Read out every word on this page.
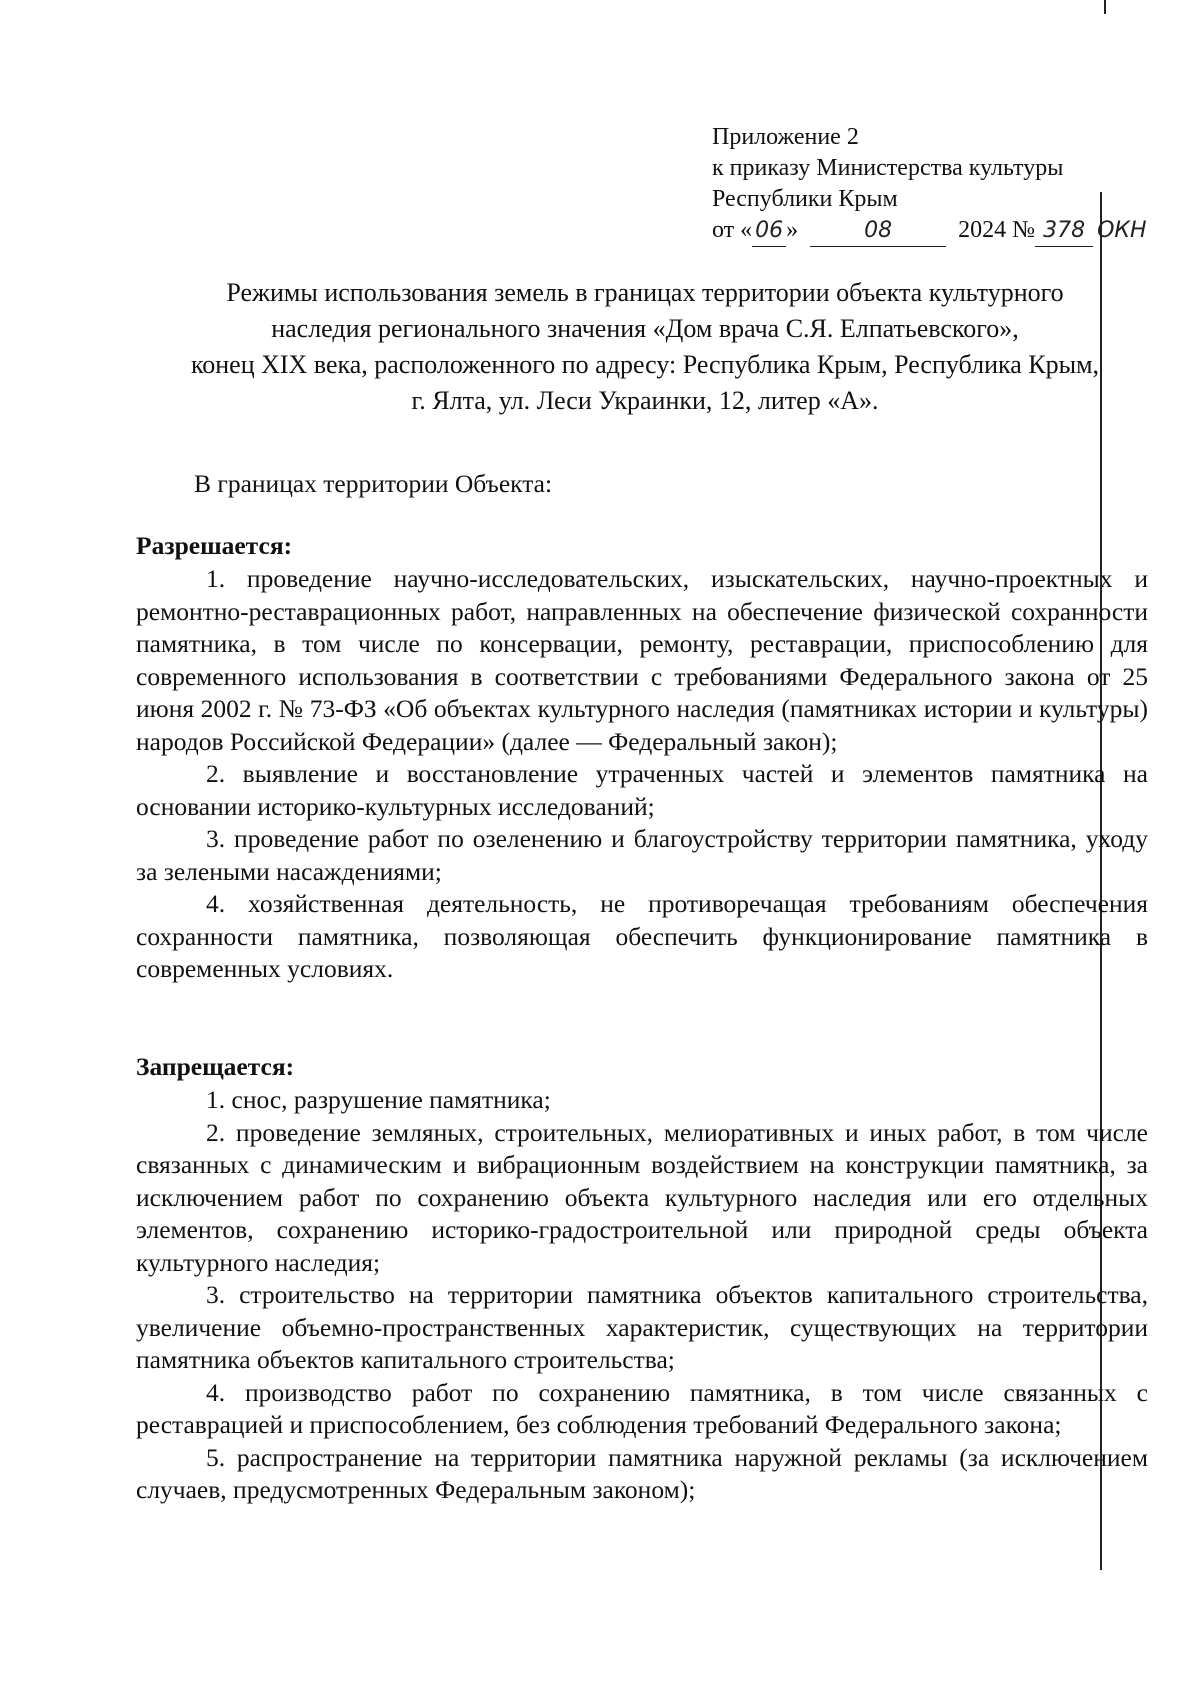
Приложение 2
к приказу Министерства культуры
Республики Крым
от « 06 »	08	2024 № 378 ОКН
Режимы использования земель в границах территории объекта культурного
наследия регионального значения «Дом врача С.Я. Елпатьевского»,
конец XIX века, расположенного по адресу: Республика Крым, Республика Крым,
г. Ялта, ул. Леси Украинки, 12, литер «А».
В границах территории Объекта:
Разрешается:

1. проведение научно-исследовательских, изыскательских, научно-проектных и ремонтно-реставрационных работ, направленных на обеспечение физической сохранности памятника, в том числе по консервации, ремонту, реставрации, приспособлению для современного использования в соответствии с требованиями Федерального закона от 25 июня 2002 г. № 73-ФЗ «Об объектах культурного наследия (памятниках истории и культуры) народов Российской Федерации» (далее — Федеральный закон);

2. выявление и восстановление утраченных частей и элементов памятника на основании историко-культурных исследований;

3. проведение работ по озеленению и благоустройству территории памятника, уходу за зелеными насаждениями;

4. хозяйственная деятельность, не противоречащая требованиям обеспечения сохранности памятника, позволяющая обеспечить функционирование памятника в современных условиях.

Запрещается:

1. снос, разрушение памятника;

2. проведение земляных, строительных, мелиоративных и иных работ, в том числе связанных с динамическим и вибрационным воздействием на конструкции памятника, за исключением работ по сохранению объекта культурного наследия или его отдельных элементов, сохранению историко-градостроительной или природной среды объекта культурного наследия;

3. строительство на территории памятника объектов капитального строительства, увеличение объемно-пространственных характеристик, существующих на территории памятника объектов капитального строительства;

4. производство работ по сохранению памятника, в том числе связанных с реставрацией и приспособлением, без соблюдения требований Федерального закона;

5. распространение на территории памятника наружной рекламы (за исключением случаев, предусмотренных Федеральным законом);
